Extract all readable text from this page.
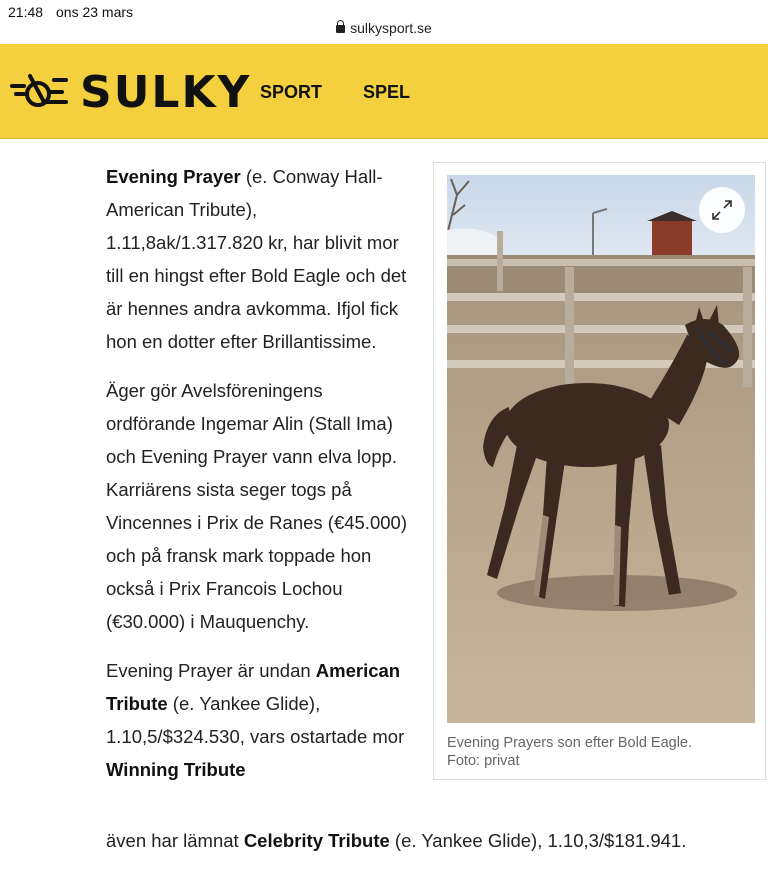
21:48 ons 23 mars
sulkysport.se
SULKY SPORT SPEL

Evening Prayer (e. Conway Hall-American Tribute), 1.11,8ak/1.317.820 kr, har blivit mor till en hingst efter Bold Eagle och det är hennes andra avkomma. Ifjol fick hon en dotter efter Brillantissime.

Äger gör Avelsföreningens ordförande Ingemar Alin (Stall Ima) och Evening Prayer vann elva lopp. Karriärens sista seger togs på Vincennes i Prix de Ranes (€45.000) och på fransk mark toppade hon också i Prix Francois Lochou (€30.000) i Mauquenchy.

Evening Prayer är undan American Tribute (e. Yankee Glide), 1.10,5/$324.530, vars ostartade mor Winning Tribute

även har lämnat Celebrity Tribute (e. Yankee Glide), 1.10,3/$181.941.
Evening Prayers son efter Bold Eagle.
Foto: privat
